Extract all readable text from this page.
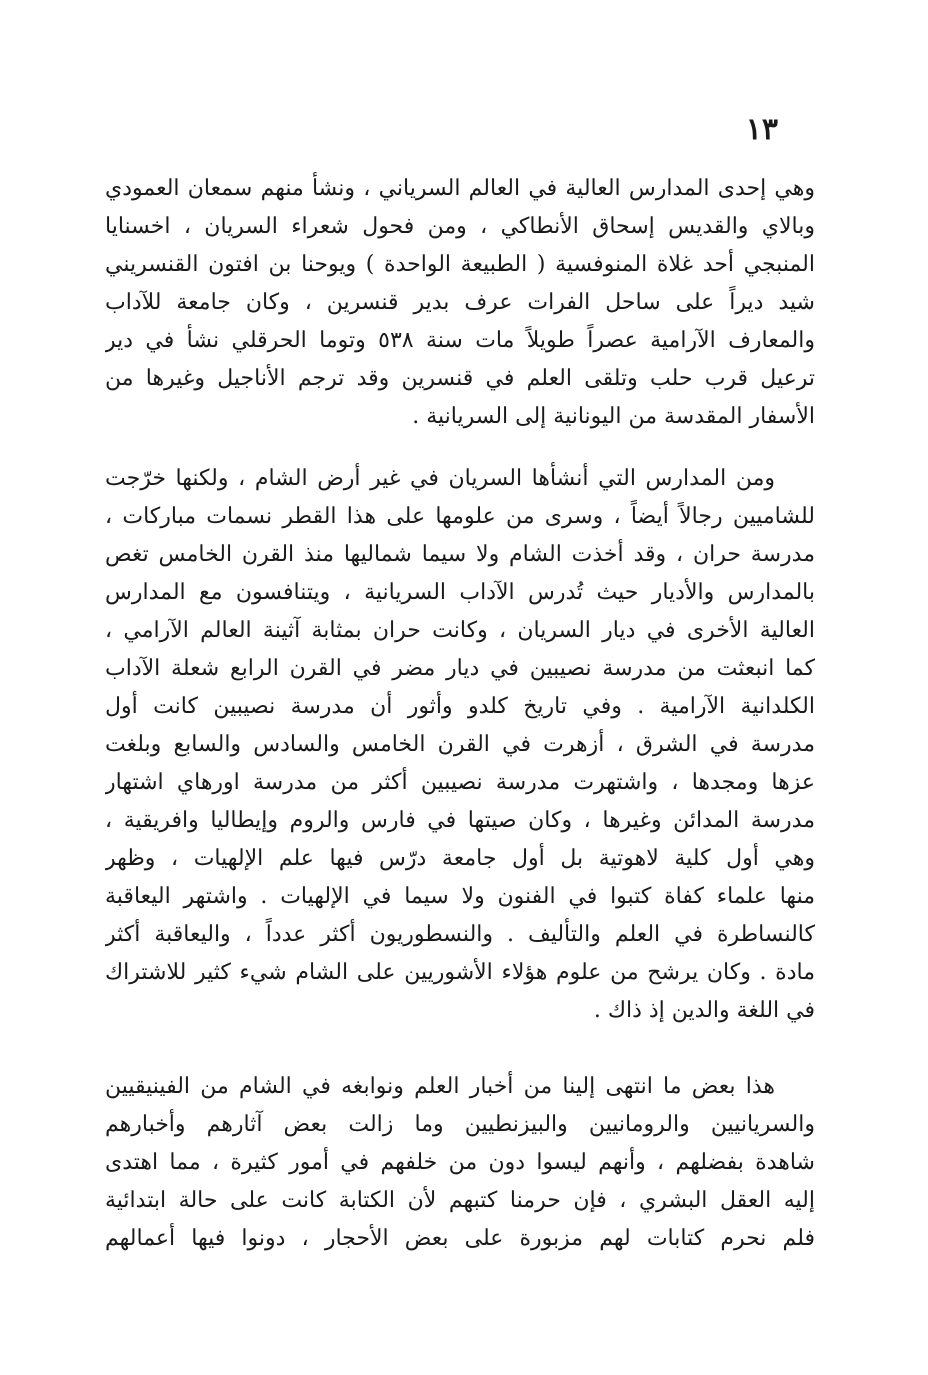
١٣
وهي إحدى المدارس العالية في العالم السرياني ، ونشأ منهم سمعان العمودي
وبالاي والقديس إسحاق الأنطاكي ، ومن فحول شعراء السريان ، اخسنايا
المنبجي أحد غلاة المنوفسية ( الطبيعة الواحدة ) ويوحنا بن افتون القنسريني
شيد ديراً على ساحل الفرات عرف بدير قنسرين ، وكان جامعة للآداب
والمعارف الآرامية عصراً طويلاً مات سنة ٥٣٨ وتوما الحرقلي نشأ في دير
ترعيل قرب حلب وتلقى العلم في قنسرين وقد ترجم الأناجيل وغيرها من
الأسفار المقدسة من اليونانية إلى السريانية .
ومن المدارس التي أنشأها السريان في غير أرض الشام ، ولكنها خرّجت
للشاميين رجالاً أيضاً ، وسرى من علومها على هذا القطر نسمات مباركات ،
مدرسة حران ، وقد أخذت الشام ولا سيما شماليها منذ القرن الخامس تغص
بالمدارس والأديار حيث تُدرس الآداب السريانية ، ويتنافسون مع المدارس
العالية الأخرى في ديار السريان ، وكانت حران بمثابة آثينة العالم الآرامي ،
كما انبعثت من مدرسة نصيبين في ديار مضر في القرن الرابع شعلة الآداب
الكلدانية الآرامية . وفي تاريخ كلدو وأثور أن مدرسة نصيبين كانت أول
مدرسة في الشرق ، أزهرت في القرن الخامس والسادس والسابع وبلغت
عزها ومجدها ، واشتهرت مدرسة نصيبين أكثر من مدرسة اورهاي اشتهار
مدرسة المدائن وغيرها ، وكان صيتها في فارس والروم وإيطاليا وافريقية ،
وهي أول كلية لاهوتية بل أول جامعة درّس فيها علم الإلهيات ، وظهر
منها علماء كفاة كتبوا في الفنون ولا سيما في الإلهيات . واشتهر اليعاقبة
كالنساطرة في العلم والتأليف . والنسطوريون أكثر عدداً ، واليعاقبة أكثر
مادة . وكان يرشح من علوم هؤلاء الأشوريين على الشام شيء كثير للاشتراك
في اللغة والدين إذ ذاك .
هذا بعض ما انتهى إلينا من أخبار العلم ونوابغه في الشام من الفينيقيين
والسريانيين والرومانيين والبيزنطيين وما زالت بعض آثارهم وأخبارهم
شاهدة بفضلهم ، وأنهم ليسوا دون من خلفهم في أمور كثيرة ، مما اهتدى
إليه العقل البشري ، فإن حرمنا كتبهم لأن الكتابة كانت على حالة ابتدائية
فلم نحرم كتابات لهم مزبورة على بعض الأحجار ، دونوا فيها أعمالهم
